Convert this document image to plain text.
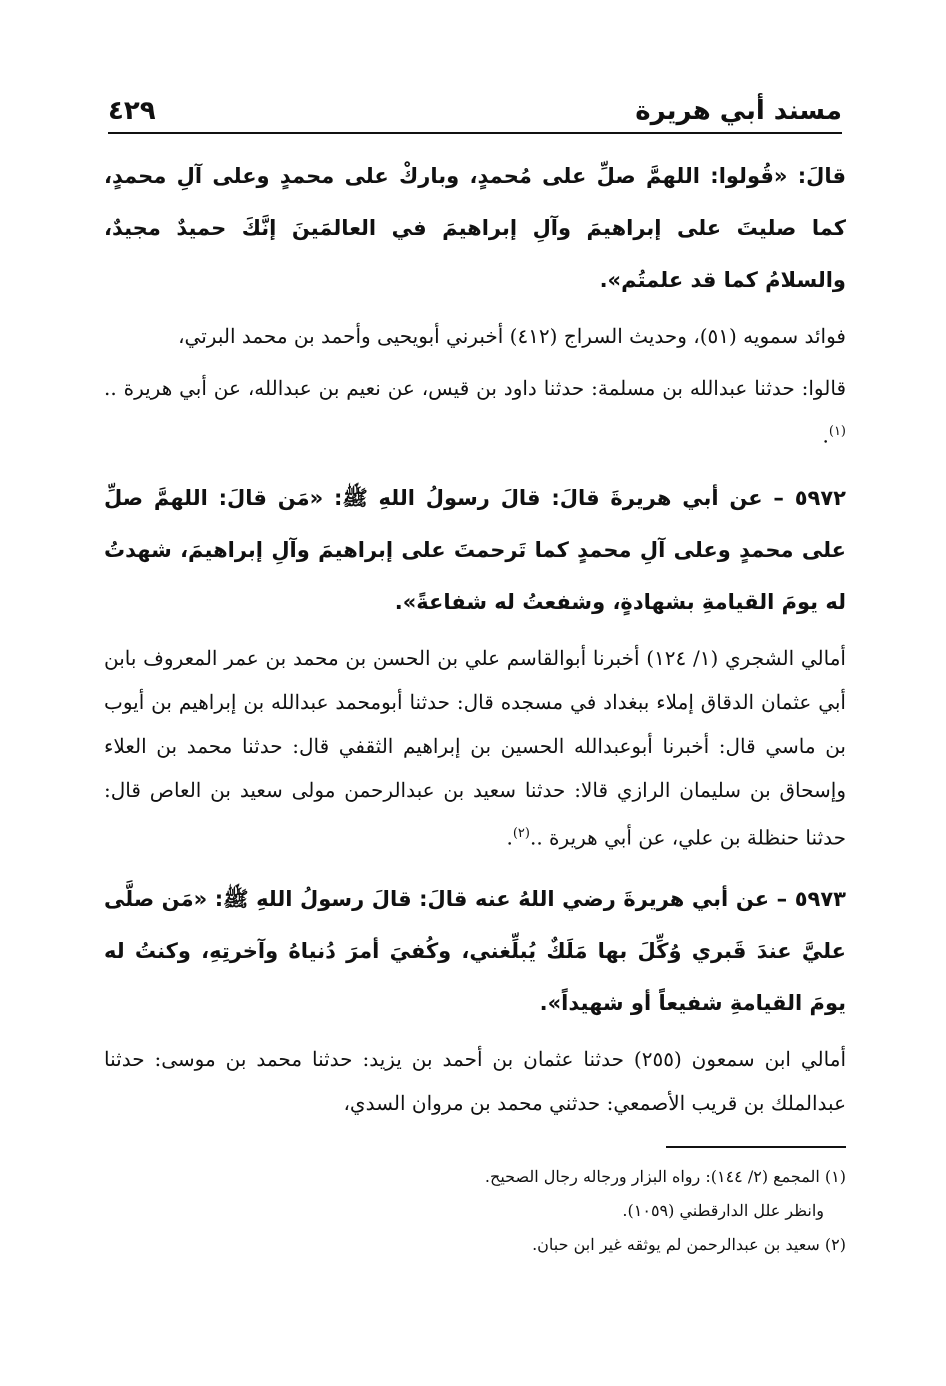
٤٢٩	مسند أبي هريرة

قالَ: «قُولوا: اللهمَّ صلِّ على مُحمدٍ، وباركْ على محمدٍ وعلى آلِ محمدٍ، كما صليتَ على إبراهيمَ وآلِ إبراهيمَ في العالمَينَ إنَّكَ حميدٌ مجيدٌ، والسلامُ كما قد علمتُم».

فوائد سمويه (٥١)، وحديث السراج (٤١٢) أخبرني أبويحيى وأحمد بن محمد البرتي،

قالوا: حدثنا عبدالله بن مسلمة: حدثنا داود بن قيس، عن نعيم بن عبدالله، عن أبي هريرة ..$^{(١)}$.

٥٩٧٢ – عن أبي هريرةَ قالَ: قالَ رسولُ اللهِ ﷺ: «مَن قالَ: اللهمَّ صلِّ على محمدٍ وعلى آلِ محمدٍ كما تَرحمتَ على إبراهيمَ وآلِ إبراهيمَ، شهدتُ له يومَ القيامةِ بشهادةٍ، وشفعتُ له شفاعةً».

أمالي الشجري (١/ ١٢٤) أخبرنا أبوالقاسم علي بن الحسن بن محمد بن عمر المعروف بابن أبي عثمان الدقاق إملاء ببغداد في مسجده قال: حدثنا أبومحمد عبدالله بن إبراهيم بن أيوب بن ماسي قال: أخبرنا أبوعبدالله الحسين بن إبراهيم الثقفي قال: حدثنا محمد بن العلاء وإسحاق بن سليمان الرازي قالا: حدثنا سعيد بن عبدالرحمن مولى سعيد بن العاص قال: حدثنا حنظلة بن علي، عن أبي هريرة ..$^{(٢)}$.

٥٩٧٣ – عن أبي هريرةَ رضي اللهُ عنه قالَ: قالَ رسولُ اللهِ ﷺ: «مَن صلَّى عليَّ عندَ قَبري وُكِّلَ بها مَلَكٌ يُبلِّغني، وكُفيَ أمرَ دُنياهُ وآخرتِهِ، وكنتُ له يومَ القيامةِ شفيعاً أو شهيداً».

أمالي ابن سمعون (٢٥٥) حدثنا عثمان بن أحمد بن يزيد: حدثنا محمد بن موسى: حدثنا عبدالملك بن قريب الأصمعي: حدثني محمد بن مروان السدي،

(١) المجمع (٢/ ١٤٤): رواه البزار ورجاله رجال الصحيح.

وانظر علل الدارقطني (١٠٥٩).

(٢) سعيد بن عبدالرحمن لم يوثقه غير ابن حبان.
